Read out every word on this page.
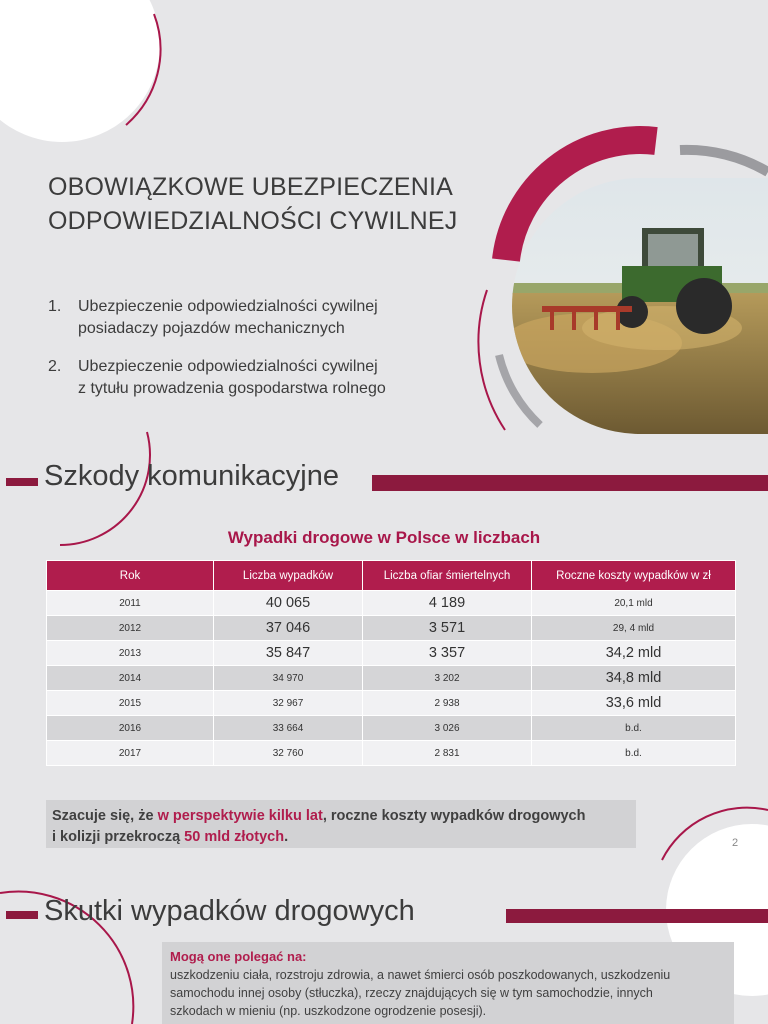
OBOWIĄZKOWE UBEZPIECZENIA
ODPOWIEDZIALNOŚCI CYWILNEJ
1. Ubezpieczenie odpowiedzialności cywilnej
posiadaczy pojazdów mechanicznych
2. Ubezpieczenie odpowiedzialności cywilnej
z tytułu prowadzenia gospodarstwa rolnego
Szkody komunikacyjne
Wypadki drogowe w Polsce w liczbach
Rok	Liczba wypadków	Liczba ofiar śmiertelnych	Roczne koszty wypadków w zł
2011	40 065	4 189	20,1 mld
2012	37 046	3 571	29, 4 mld
2013	35 847	3 357	34,2 mld
2014	34 970	3 202	34,8 mld
2015	32 967	2 938	33,6 mld
2016	33 664	3 026	b.d.
2017	32 760	2 831	b.d.
Szacuje się, że w perspektywie kilku lat, roczne koszty wypadków drogowych
i kolizji przekroczą 50 mld złotych.	2
Skutki wypadków drogowych
Mogą one polegać na:
uszkodzeniu ciała, rozstroju zdrowia, a nawet śmierci osób poszkodowanych, uszkodzeniu
samochodu innej osoby (stłuczka), rzeczy znajdujących się w tym samochodzie, innych
szkodach w mieniu (np. uszkodzone ogrodzenie posesji).
